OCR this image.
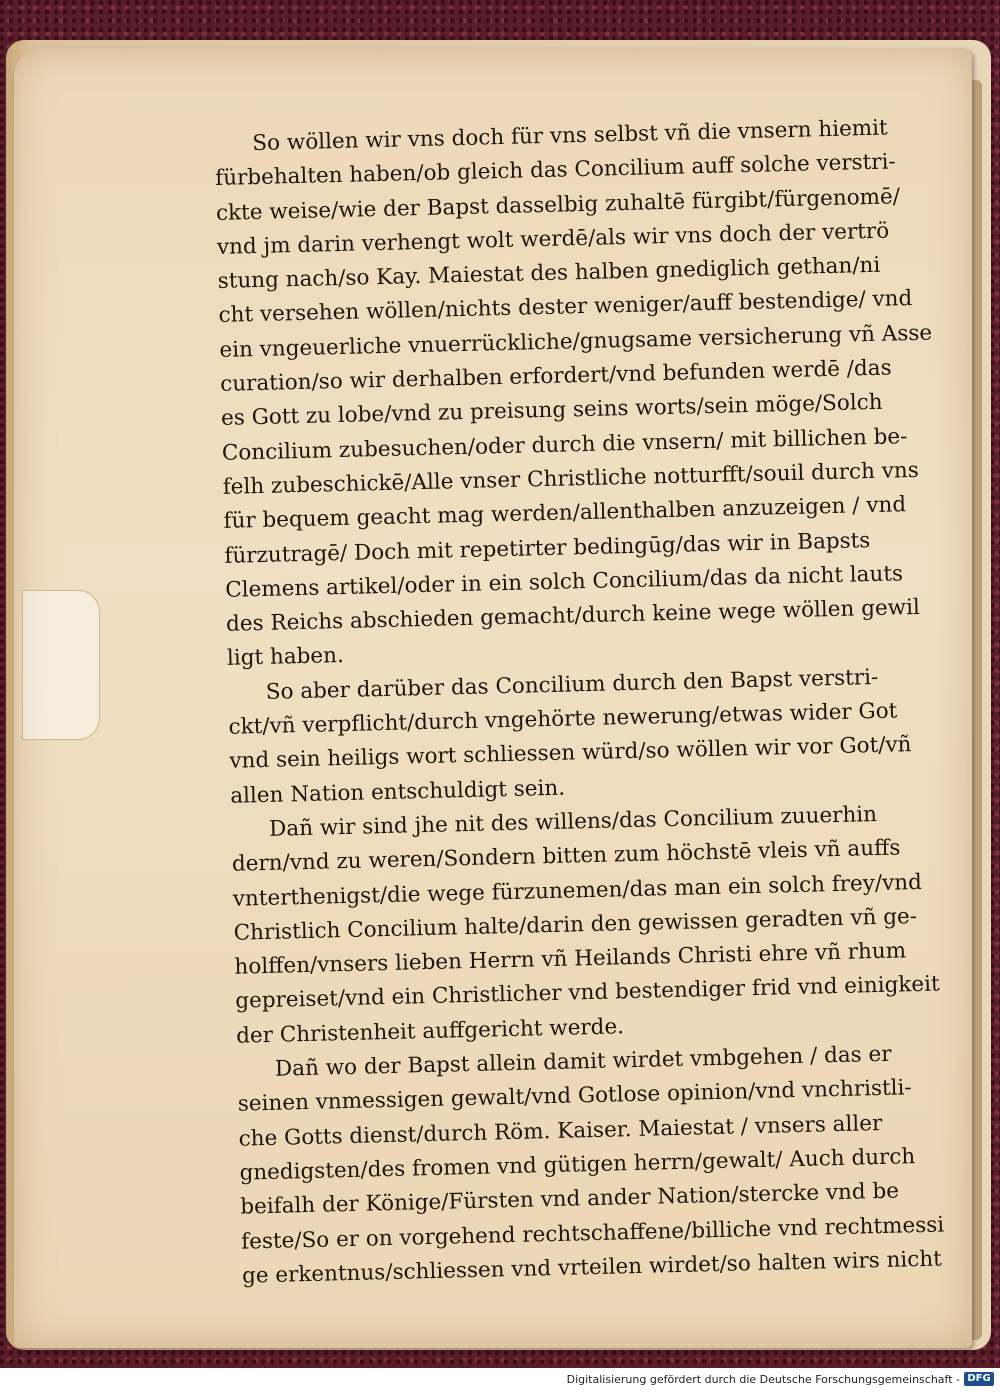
So wöllen wir vns doch für vns selbst vñ die vnsern hiemit
fürbehalten haben/ob gleich das Concilium auff solche verstri-
ckte weise/wie der Bapst dasselbig zuhaltē fürgibt/fürgenomē/
vnd jm darin verhengt wolt werdē/als wir vns doch der vertrö
stung nach/so Kay. Maiestat des halben gnediglich gethan/ni
cht versehen wöllen/nichts dester weniger/auff bestendige/ vnd
ein vngeuerliche vnuerrückliche/gnugsame versicherung vñ Asse
curation/so wir derhalben erfordert/vnd befunden werdē /das
es Gott zu lobe/vnd zu preisung seins worts/sein möge/Solch
Concilium zubesuchen/oder durch die vnsern/ mit billichen be-
felh zubeschickē/Alle vnser Christliche notturfft/souil durch vns
für bequem geacht mag werden/allenthalben anzuzeigen / vnd
fürzutragē/ Doch mit repetirter bedingūg/das wir in Bapsts
Clemens artikel/oder in ein solch Concilium/das da nicht lauts
des Reichs abschieden gemacht/durch keine wege wöllen gewil
ligt haben.
So aber darüber das Concilium durch den Bapst verstri-
ckt/vñ verpflicht/durch vngehörte newerung/etwas wider Got
vnd sein heiligs wort schliessen würd/so wöllen wir vor Got/vñ
allen Nation entschuldigt sein.
Dañ wir sind jhe nit des willens/das Concilium zuuerhin
dern/vnd zu weren/Sondern bitten zum höchstē vleis vñ auffs
vnterthenigst/die wege fürzunemen/das man ein solch frey/vnd
Christlich Concilium halte/darin den gewissen geradten vñ ge-
holffen/vnsers lieben Herrn vñ Heilands Christi ehre vñ rhum
gepreiset/vnd ein Christlicher vnd bestendiger frid vnd einigkeit
der Christenheit auffgericht werde.
Dañ wo der Bapst allein damit wirdet vmbgehen / das er
seinen vnmessigen gewalt/vnd Gotlose opinion/vnd vnchristli-
che Gotts dienst/durch Röm. Kaiser. Maiestat / vnsers aller
gnedigsten/des fromen vnd gütigen herrn/gewalt/ Auch durch
beifalh der Könige/Fürsten vnd ander Nation/stercke vnd be
feste/So er on vorgehend rechtschaffene/billiche vnd rechtmessi
ge erkentnus/schliessen vnd vrteilen wirdet/so halten wirs nicht
Digitalisierung gefördert durch die Deutsche Forschungsgemeinschaft - DFG
